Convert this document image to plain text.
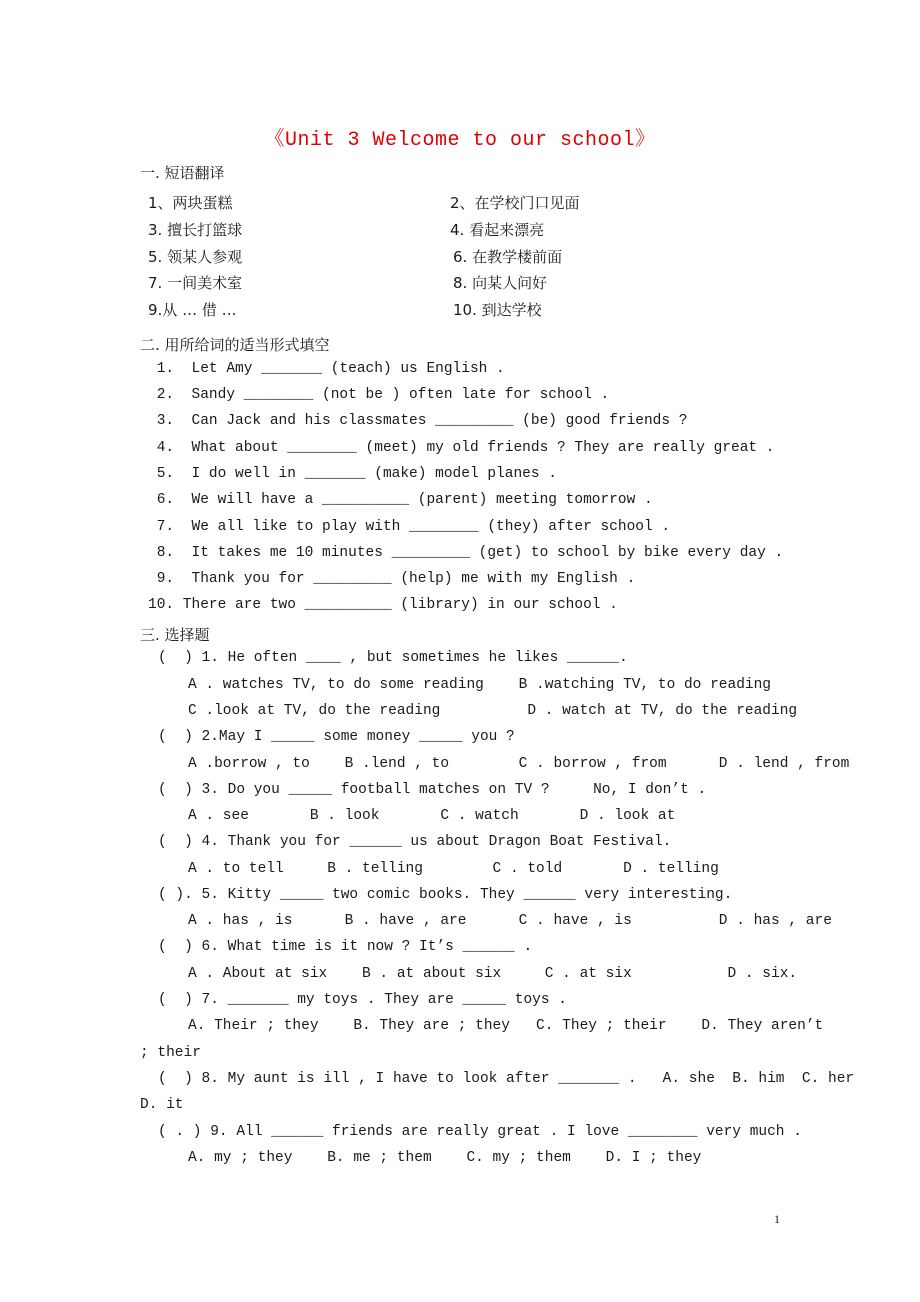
《Unit 3 Welcome to our school》
一. 短语翻译
1、两块蛋糕	2、在学校门口见面
3. 擅长打篮球	4. 看起来漂亮
5. 领某人参观	6. 在教学楼前面
7. 一间美术室	8. 向某人问好
9.从 … 借 …	10. 到达学校
二. 用所给词的适当形式填空
1.  Let Amy _______ (teach) us English .
2.  Sandy ________ (not be ) often late for school .
3.  Can Jack and his classmates _________ (be) good friends ?
4.  What about ________ (meet) my old friends ? They are really great .
5.  I do well in _______ (make) model planes .
6.  We will have a __________ (parent) meeting tomorrow .
7.  We all like to play with ________ (they) after school .
8.  It takes me 10 minutes _________ (get) to school by bike every day .
9.  Thank you for _________ (help) me with my English .
10. There are two __________ (library) in our school .
三. 选择题
(  ) 1. He often ____ , but sometimes he likes ______.
A . watches TV, to do some reading    B .watching TV, to do reading
C .look at TV, do the reading          D . watch at TV, do the reading
(  ) 2.May I _____ some money _____ you ?
A .borrow , to    B .lend , to        C . borrow , from      D . lend , from
(  ) 3. Do you _____ football matches on TV ?     No, I don’t .
A . see       B . look       C . watch       D . look at
(  ) 4. Thank you for ______ us about Dragon Boat Festival.
A . to tell     B . telling        C . told       D . telling
( ). 5. Kitty _____ two comic books. They ______ very interesting.
A . has , is      B . have , are      C . have , is          D . has , are
(  ) 6. What time is it now ? It’s ______ .
A . About at six    B . at about six     C . at six           D . six.
(  ) 7. _______ my toys . They are _____ toys .
A. Their ; they    B. They are ; they   C. They ; their    D. They aren’t
; their
(  ) 8. My aunt is ill , I have to look after _______ .   A. she  B. him  C. her
D. it
( . ) 9. All ______ friends are really great . I love ________ very much .
A. my ; they    B. me ; them    C. my ; them    D. I ; they
1
